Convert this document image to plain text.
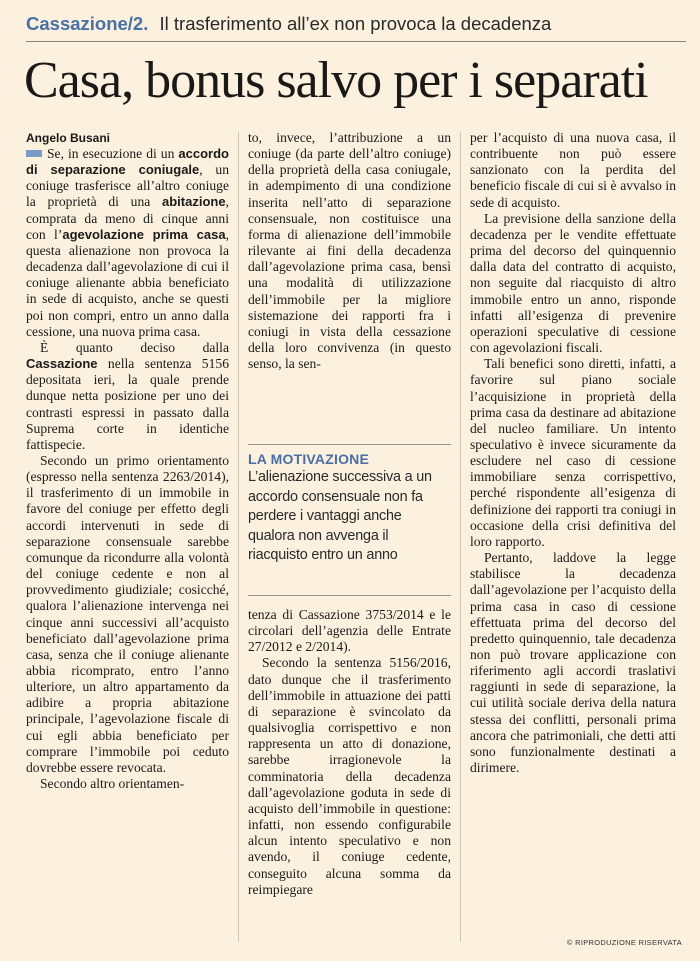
Cassazione/2. Il trasferimento all’ex non provoca la decadenza
Casa, bonus salvo per i separati

Angelo Busani

Se, in esecuzione di un accordo di separazione coniugale, un coniuge trasferisce all’altro coniuge la proprietà di una abitazione, comprata da meno di cinque anni con l’agevolazione prima casa, questa alienazione non provoca la decadenza dall’agevolazione di cui il coniuge alienante abbia beneficiato in sede di acquisto, anche se questi poi non compri, entro un anno dalla cessione, una nuova prima casa.

È quanto deciso dalla Cassazione nella sentenza 5156 depositata ieri, la quale prende dunque netta posizione per uno dei contrasti espressi in passato dalla Suprema corte in identiche fattispecie.

Secondo un primo orientamento (espresso nella sentenza 2263/2014), il trasferimento di un immobile in favore del coniuge per effetto degli accordi intervenuti in sede di separazione consensuale sarebbe comunque da ricondurre alla volontà del coniuge cedente e non al provvedimento giudiziale; cosicché, qualora l’alienazione intervenga nei cinque anni successivi all’acquisto beneficiato dall’agevolazione prima casa, senza che il coniuge alienante abbia ricomprato, entro l’anno ulteriore, un altro appartamento da adibire a propria abitazione principale, l’agevolazione fiscale di cui egli abbia beneficiato per comprare l’immobile poi ceduto dovrebbe essere revocata.

Secondo altro orientamen-

to, invece, l’attribuzione a un coniuge (da parte dell’altro coniuge) della proprietà della casa coniugale, in adempimento di una condizione inserita nell’atto di separazione consensuale, non costituisce una forma di alienazione dell’immobile rilevante ai fini della decadenza dall’agevolazione prima casa, bensì una modalità di utilizzazione dell’immobile per la migliore sistemazione dei rapporti fra i coniugi in vista della cessazione della loro convivenza (in questo senso, la sen-

LA MOTIVAZIONE
L’alienazione successiva a un accordo consensuale non fa perdere i vantaggi anche qualora non avvenga il riacquisto entro un anno

tenza di Cassazione 3753/2014 e le circolari dell’agenzia delle Entrate 27/2012 e 2/2014).

Secondo la sentenza 5156/2016, dato dunque che il trasferimento dell’immobile in attuazione dei patti di separazione è svincolato da qualsivoglia corrispettivo e non rappresenta un atto di donazione, sarebbe irragionevole la comminatoria della decadenza dall’agevolazione goduta in sede di acquisto dell’immobile in questione: infatti, non essendo configurabile alcun intento speculativo e non avendo, il coniuge cedente, conseguito alcuna somma da reimpiegare

per l’acquisto di una nuova casa, il contribuente non può essere sanzionato con la perdita del beneficio fiscale di cui si è avvalso in sede di acquisto.

La previsione della sanzione della decadenza per le vendite effettuate prima del decorso del quinquennio dalla data del contratto di acquisto, non seguite dal riacquisto di altro immobile entro un anno, risponde infatti all’esigenza di prevenire operazioni speculative di cessione con agevolazioni fiscali.

Tali benefici sono diretti, infatti, a favorire sul piano sociale l’acquisizione in proprietà della prima casa da destinare ad abitazione del nucleo familiare. Un intento speculativo è invece sicuramente da escludere nel caso di cessione immobiliare senza corrispettivo, perché rispondente all’esigenza di definizione dei rapporti tra coniugi in occasione della crisi definitiva del loro rapporto.

Pertanto, laddove la legge stabilisce la decadenza dall’agevolazione per l’acquisto della prima casa in caso di cessione effettuata prima del decorso del predetto quinquennio, tale decadenza non può trovare applicazione con riferimento agli accordi traslativi raggiunti in sede di separazione, la cui utilità sociale deriva della natura stessa dei conflitti, personali prima ancora che patrimoniali, che detti atti sono funzionalmente destinati a dirimere.

© RIPRODUZIONE RISERVATA
